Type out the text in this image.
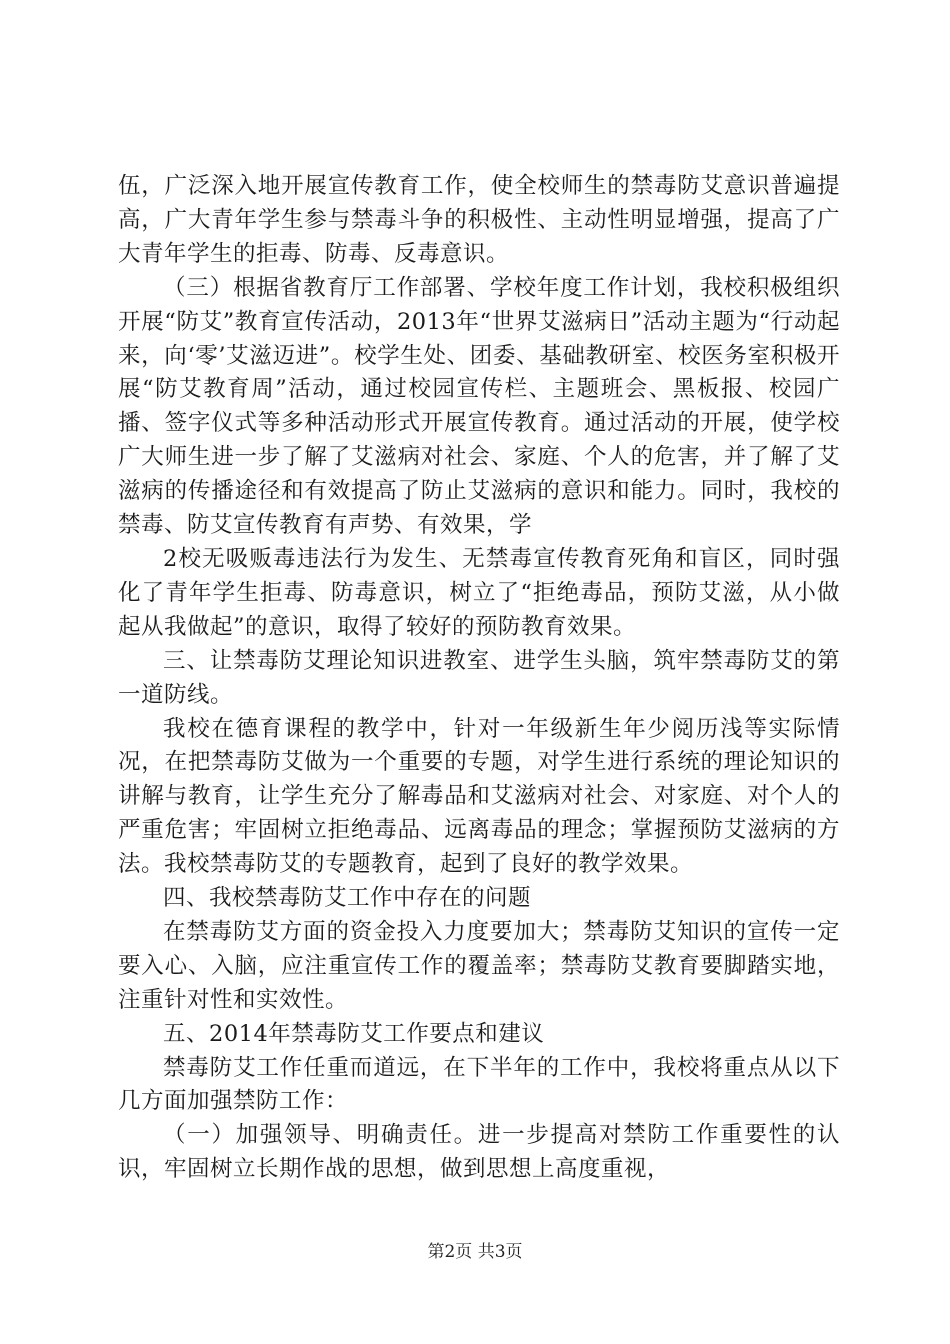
伍，广泛深入地开展宣传教育工作，使全校师生的禁毒防艾意识普遍提高，广大青年学生参与禁毒斗争的积极性、主动性明显增强，提高了广大青年学生的拒毒、防毒、反毒意识。

（三）根据省教育厅工作部署、学校年度工作计划，我校积极组织开展“防艾”教育宣传活动，2013年“世界艾滋病日”活动主题为“行动起来，向‘零’艾滋迈进”。校学生处、团委、基础教研室、校医务室积极开展“防艾教育周”活动，通过校园宣传栏、主题班会、黑板报、校园广播、签字仪式等多种活动形式开展宣传教育。通过活动的开展，使学校广大师生进一步了解了艾滋病对社会、家庭、个人的危害，并了解了艾滋病的传播途径和有效提高了防止艾滋病的意识和能力。同时，我校的禁毒、防艾宣传教育有声势、有效果，学

2校无吸贩毒违法行为发生、无禁毒宣传教育死角和盲区，同时强化了青年学生拒毒、防毒意识，树立了“拒绝毒品，预防艾滋，从小做起从我做起”的意识，取得了较好的预防教育效果。

三、让禁毒防艾理论知识进教室、进学生头脑，筑牢禁毒防艾的第一道防线。

我校在德育课程的教学中，针对一年级新生年少阅历浅等实际情况，在把禁毒防艾做为一个重要的专题，对学生进行系统的理论知识的讲解与教育，让学生充分了解毒品和艾滋病对社会、对家庭、对个人的严重危害；牢固树立拒绝毒品、远离毒品的理念；掌握预防艾滋病的方法。我校禁毒防艾的专题教育，起到了良好的教学效果。

四、我校禁毒防艾工作中存在的问题

在禁毒防艾方面的资金投入力度要加大；禁毒防艾知识的宣传一定要入心、入脑，应注重宣传工作的覆盖率；禁毒防艾教育要脚踏实地，注重针对性和实效性。

五、2014年禁毒防艾工作要点和建议

禁毒防艾工作任重而道远，在下半年的工作中，我校将重点从以下几方面加强禁防工作：

（一）加强领导、明确责任。进一步提高对禁防工作重要性的认识，牢固树立长期作战的思想，做到思想上高度重视，

第2页 共3页
